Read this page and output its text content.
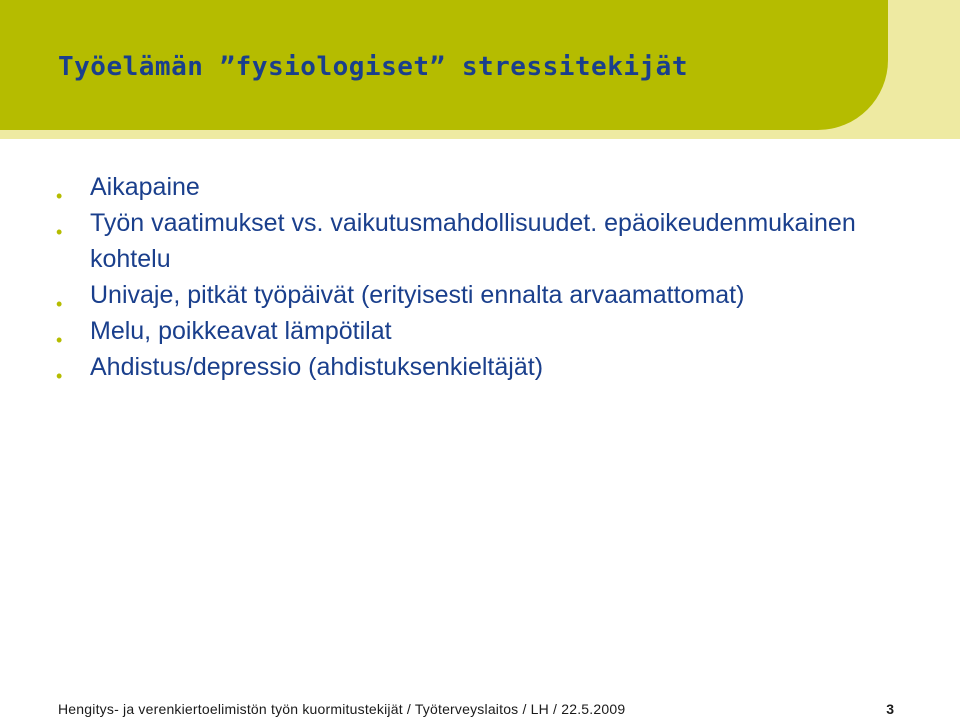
Työelämän ”fysiologiset” stressitekijät
• Aikapaine
• Työn vaatimukset vs. vaikutusmahdollisuudet. epäoikeudenmukainen kohtelu
• Univaje, pitkät työpäivät (erityisesti ennalta arvaamattomat)
• Melu, poikkeavat lämpötilat
• Ahdistus/depressio (ahdistuksenkieltäjät)
Hengitys- ja verenkiertoelimistön työn kuormitustekijät / Työterveyslaitos / LH / 22.5.2009	3
